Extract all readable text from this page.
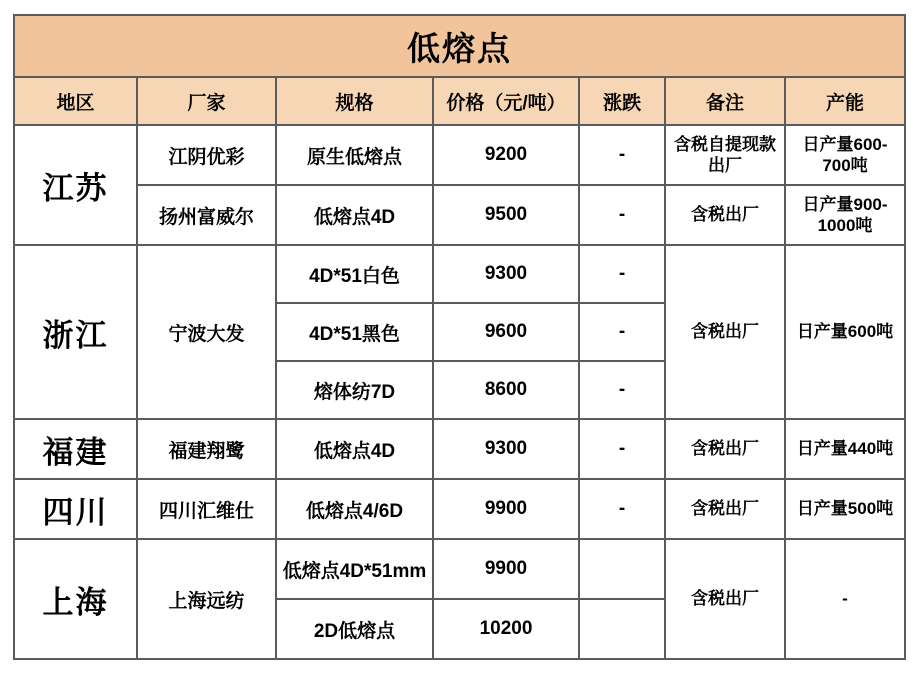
低熔点						
地区	厂家	规格	价格（元/吨）	涨跌	备注	产能
江苏	江阴优彩	原生低熔点	9200	-	含税自提现款出厂	日产量600-700吨
	扬州富威尔	低熔点4D	9500	-	含税出厂	日产量900-1000吨
浙江	宁波大发	4D*51白色	9300	-	含税出厂	日产量600吨
		4D*51黑色	9600	-		
		熔体纺7D	8600	-		
福建	福建翔鹭	低熔点4D	9300	-	含税出厂	日产量440吨
四川	四川汇维仕	低熔点4/6D	9900	-	含税出厂	日产量500吨
上海	上海远纺	低熔点4D*51mm	9900		含税出厂	-
		2D低熔点	10200			
